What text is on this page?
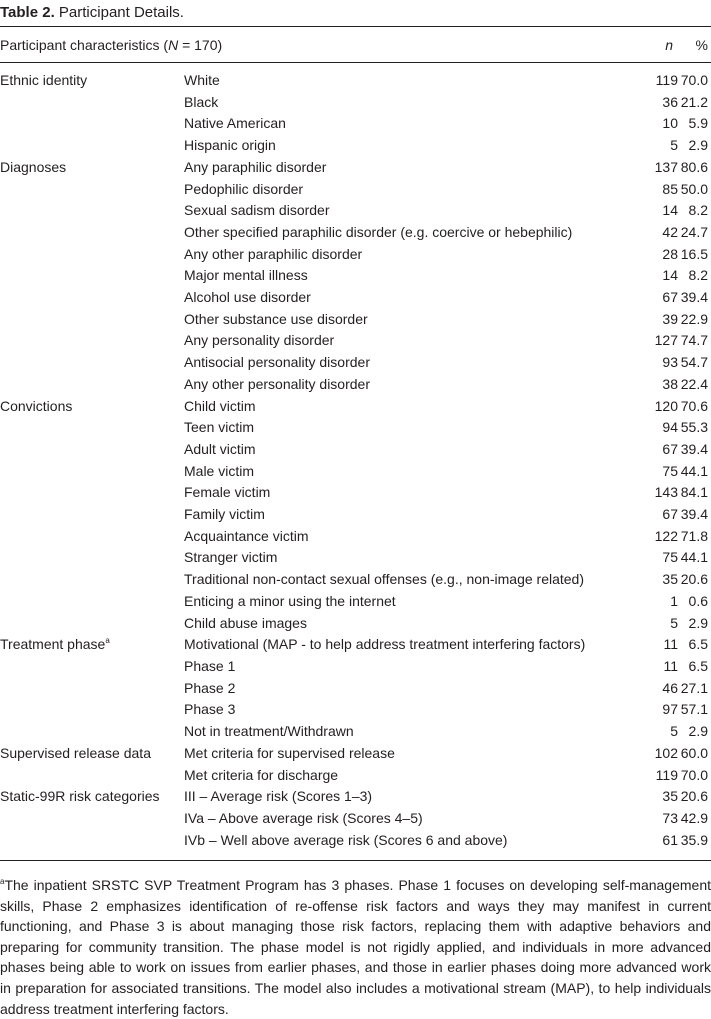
Table 2. Participant Details.
Participant characteristics (N = 170)	n %
Ethnic identity	White	119	70.0
	Black	36	21.2
	Native American	10	5.9
	Hispanic origin	5	2.9
Diagnoses	Any paraphilic disorder	137	80.6
	Pedophilic disorder	85	50.0
	Sexual sadism disorder	14	8.2
	Other specified paraphilic disorder (e.g. coercive or hebephilic)	42	24.7
	Any other paraphilic disorder	28	16.5
	Major mental illness	14	8.2
	Alcohol use disorder	67	39.4
	Other substance use disorder	39	22.9
	Any personality disorder	127	74.7
	Antisocial personality disorder	93	54.7
	Any other personality disorder	38	22.4
Convictions	Child victim	120	70.6
	Teen victim	94	55.3
	Adult victim	67	39.4
	Male victim	75	44.1
	Female victim	143	84.1
	Family victim	67	39.4
	Acquaintance victim	122	71.8
	Stranger victim	75	44.1
	Traditional non-contact sexual offenses (e.g., non-image related)	35	20.6
	Enticing a minor using the internet	1	0.6
	Child abuse images	5	2.9
Treatment phase$^a$	Motivational (MAP - to help address treatment interfering factors)	11	6.5
	Phase 1	11	6.5
	Phase 2	46	27.1
	Phase 3	97	57.1
	Not in treatment/Withdrawn	5	2.9
Supervised release data	Met criteria for supervised release	102	60.0
	Met criteria for discharge	119	70.0
Static-99R risk categories	III – Average risk (Scores 1–3)	35	20.6
	IVa – Above average risk (Scores 4–5)	73	42.9
	IVb – Well above average risk (Scores 6 and above)	61	35.9
$^a$The inpatient SRSTC SVP Treatment Program has 3 phases. Phase 1 focuses on developing self-management skills, Phase 2 emphasizes identification of re-offense risk factors and ways they may manifest in current functioning, and Phase 3 is about managing those risk factors, replacing them with adaptive behaviors and preparing for community transition. The phase model is not rigidly applied, and individuals in more advanced phases being able to work on issues from earlier phases, and those in earlier phases doing more advanced work in preparation for associated transitions. The model also includes a motivational stream (MAP), to help individuals address treatment interfering factors.
